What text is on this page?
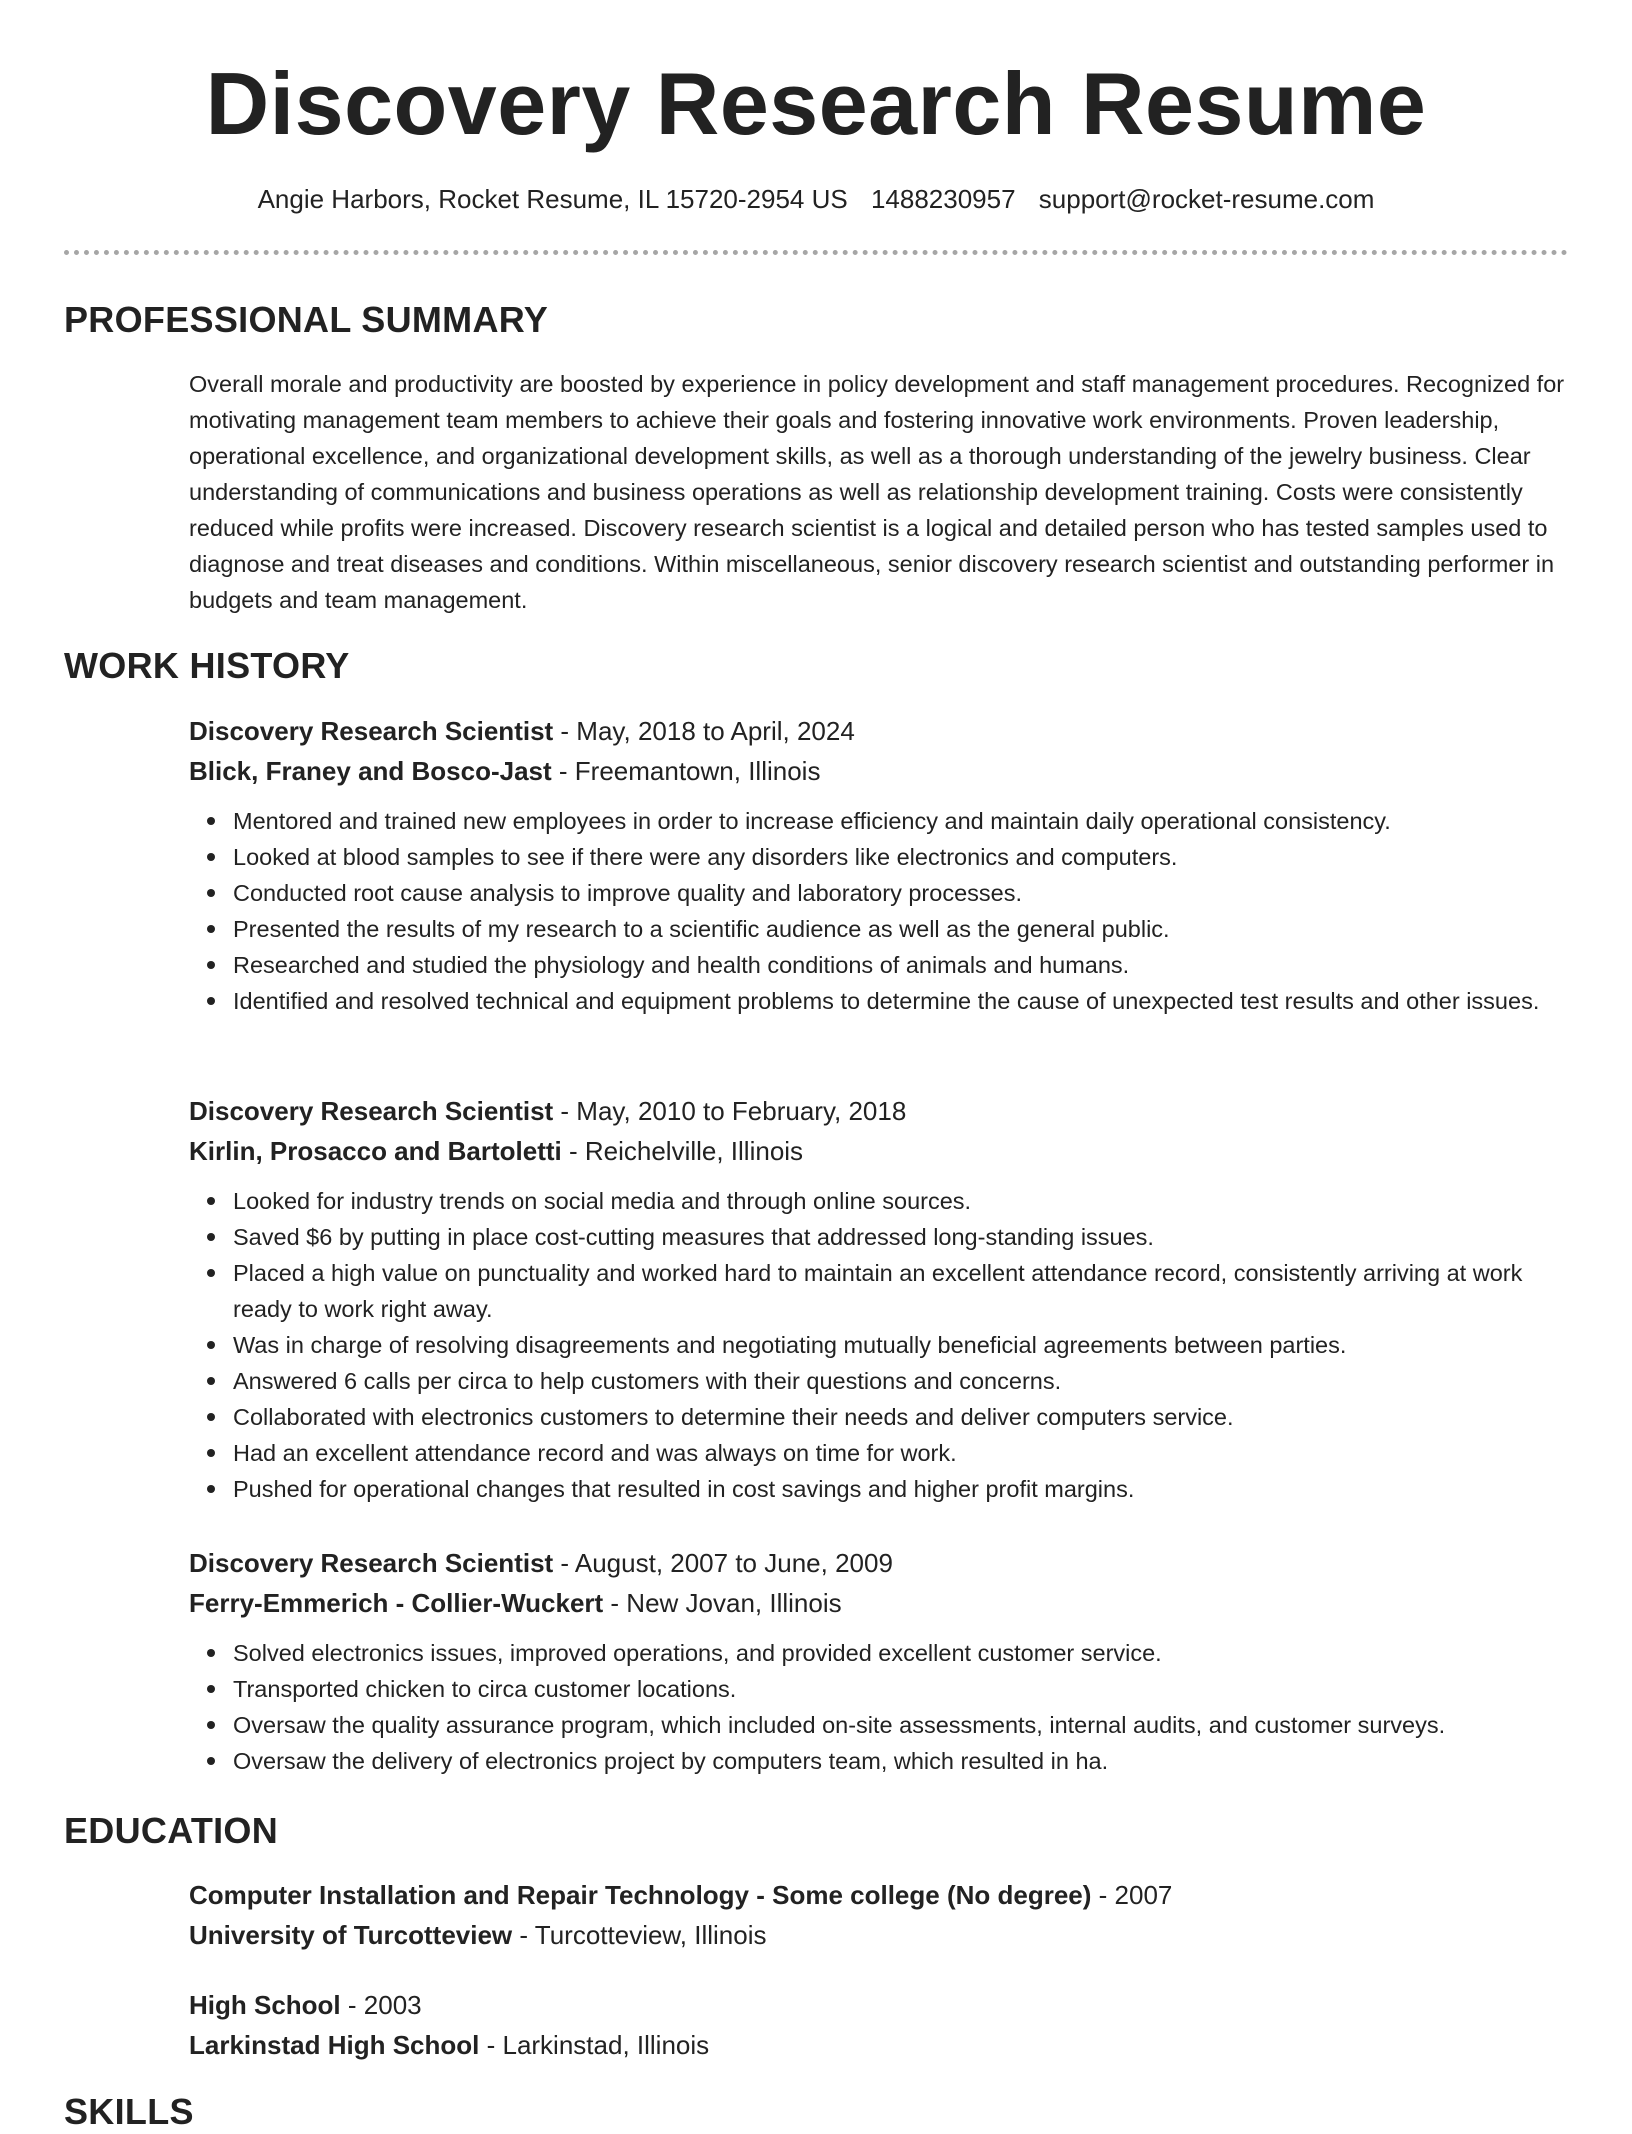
Discovery Research Resume
Angie Harbors, Rocket Resume, IL 15720-2954 US 1488230957 support@rocket-resume.com
PROFESSIONAL SUMMARY

Overall morale and productivity are boosted by experience in policy development and staff management procedures. Recognized for motivating management team members to achieve their goals and fostering innovative work environments. Proven leadership, operational excellence, and organizational development skills, as well as a thorough understanding of the jewelry business. Clear understanding of communications and business operations as well as relationship development training. Costs were consistently reduced while profits were increased. Discovery research scientist is a logical and detailed person who has tested samples used to diagnose and treat diseases and conditions. Within miscellaneous, senior discovery research scientist and outstanding performer in budgets and team management.

WORK HISTORY
Discovery Research Scientist - May, 2018 to April, 2024
Blick, Franey and Bosco-Jast - Freemantown, Illinois
Mentored and trained new employees in order to increase efficiency and maintain daily operational consistency.
Looked at blood samples to see if there were any disorders like electronics and computers.
Conducted root cause analysis to improve quality and laboratory processes.
Presented the results of my research to a scientific audience as well as the general public.
Researched and studied the physiology and health conditions of animals and humans.
Identified and resolved technical and equipment problems to determine the cause of unexpected test results and other issues.
Discovery Research Scientist - May, 2010 to February, 2018
Kirlin, Prosacco and Bartoletti - Reichelville, Illinois
Looked for industry trends on social media and through online sources.
Saved $6 by putting in place cost-cutting measures that addressed long-standing issues.
Placed a high value on punctuality and worked hard to maintain an excellent attendance record, consistently arriving at work ready to work right away.
Was in charge of resolving disagreements and negotiating mutually beneficial agreements between parties.
Answered 6 calls per circa to help customers with their questions and concerns.
Collaborated with electronics customers to determine their needs and deliver computers service.
Had an excellent attendance record and was always on time for work.
Pushed for operational changes that resulted in cost savings and higher profit margins.
Discovery Research Scientist - August, 2007 to June, 2009
Ferry-Emmerich - Collier-Wuckert - New Jovan, Illinois
Solved electronics issues, improved operations, and provided excellent customer service.
Transported chicken to circa customer locations.
Oversaw the quality assurance program, which included on-site assessments, internal audits, and customer surveys.
Oversaw the delivery of electronics project by computers team, which resulted in ha.
EDUCATION
Computer Installation and Repair Technology - Some college (No degree) - 2007
University of Turcotteview - Turcotteview, Illinois
High School - 2003
Larkinstad High School - Larkinstad, Illinois
SKILLS
